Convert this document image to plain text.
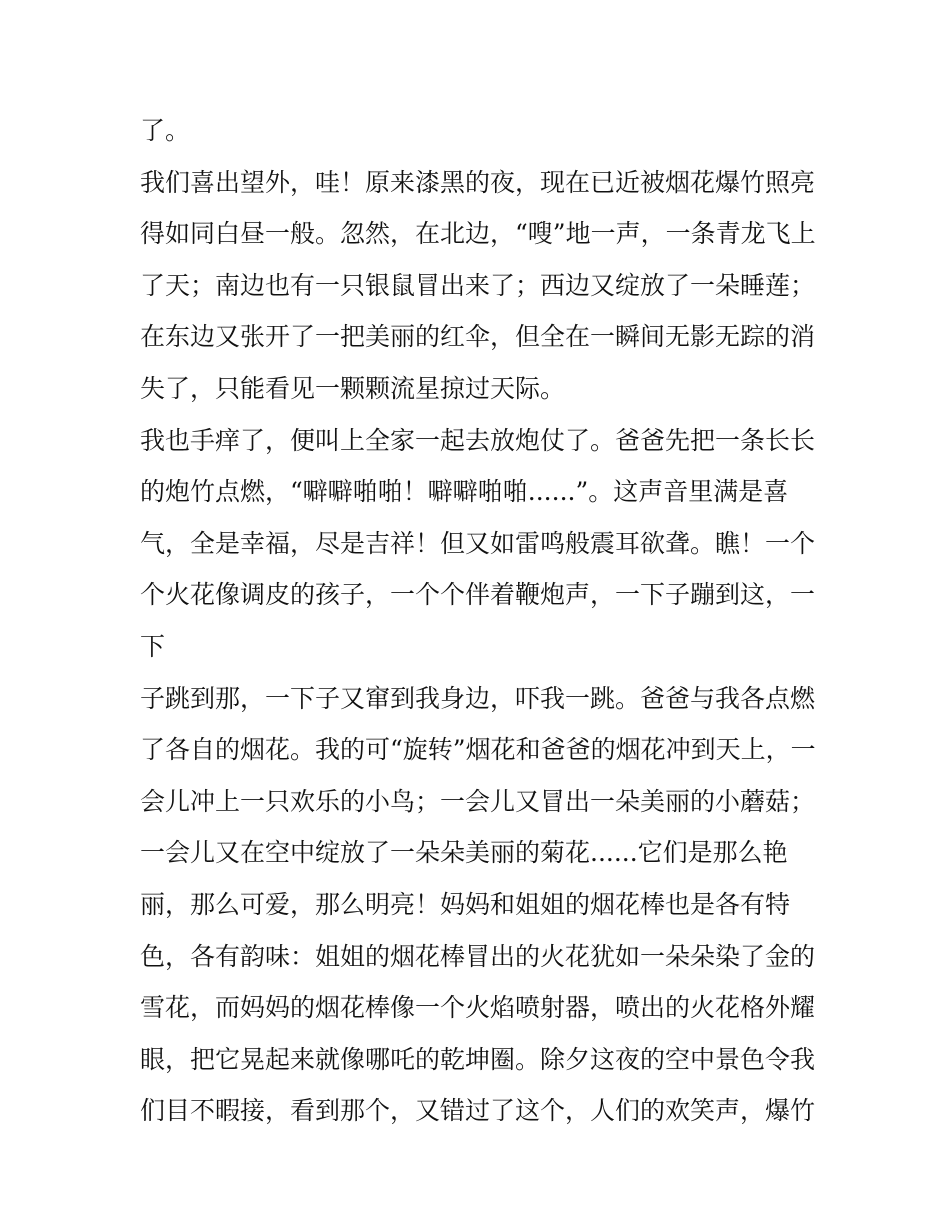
了。
我们喜出望外，哇！原来漆黑的夜，现在已近被烟花爆竹照亮
得如同白昼一般。忽然，在北边，“嗖”地一声，一条青龙飞上
了天；南边也有一只银鼠冒出来了；西边又绽放了一朵睡莲；
在东边又张开了一把美丽的红伞，但全在一瞬间无影无踪的消
失了，只能看见一颗颗流星掠过天际。
我也手痒了，便叫上全家一起去放炮仗了。爸爸先把一条长长
的炮竹点燃，“噼噼啪啪！噼噼啪啪......”。这声音里满是喜
气，全是幸福，尽是吉祥！但又如雷鸣般震耳欲聋。瞧！一个
个火花像调皮的孩子，一个个伴着鞭炮声，一下子蹦到这，一
下
子跳到那，一下子又窜到我身边，吓我一跳。爸爸与我各点燃
了各自的烟花。我的可“旋转”烟花和爸爸的烟花冲到天上，一
会儿冲上一只欢乐的小鸟；一会儿又冒出一朵美丽的小蘑菇；
一会儿又在空中绽放了一朵朵美丽的菊花......它们是那么艳
丽，那么可爱，那么明亮！妈妈和姐姐的烟花棒也是各有特
色，各有韵味：姐姐的烟花棒冒出的火花犹如一朵朵染了金的
雪花，而妈妈的烟花棒像一个火焰喷射器，喷出的火花格外耀
眼，把它晃起来就像哪吒的乾坤圈。除夕这夜的空中景色令我
们目不暇接，看到那个，又错过了这个，人们的欢笑声，爆竹
